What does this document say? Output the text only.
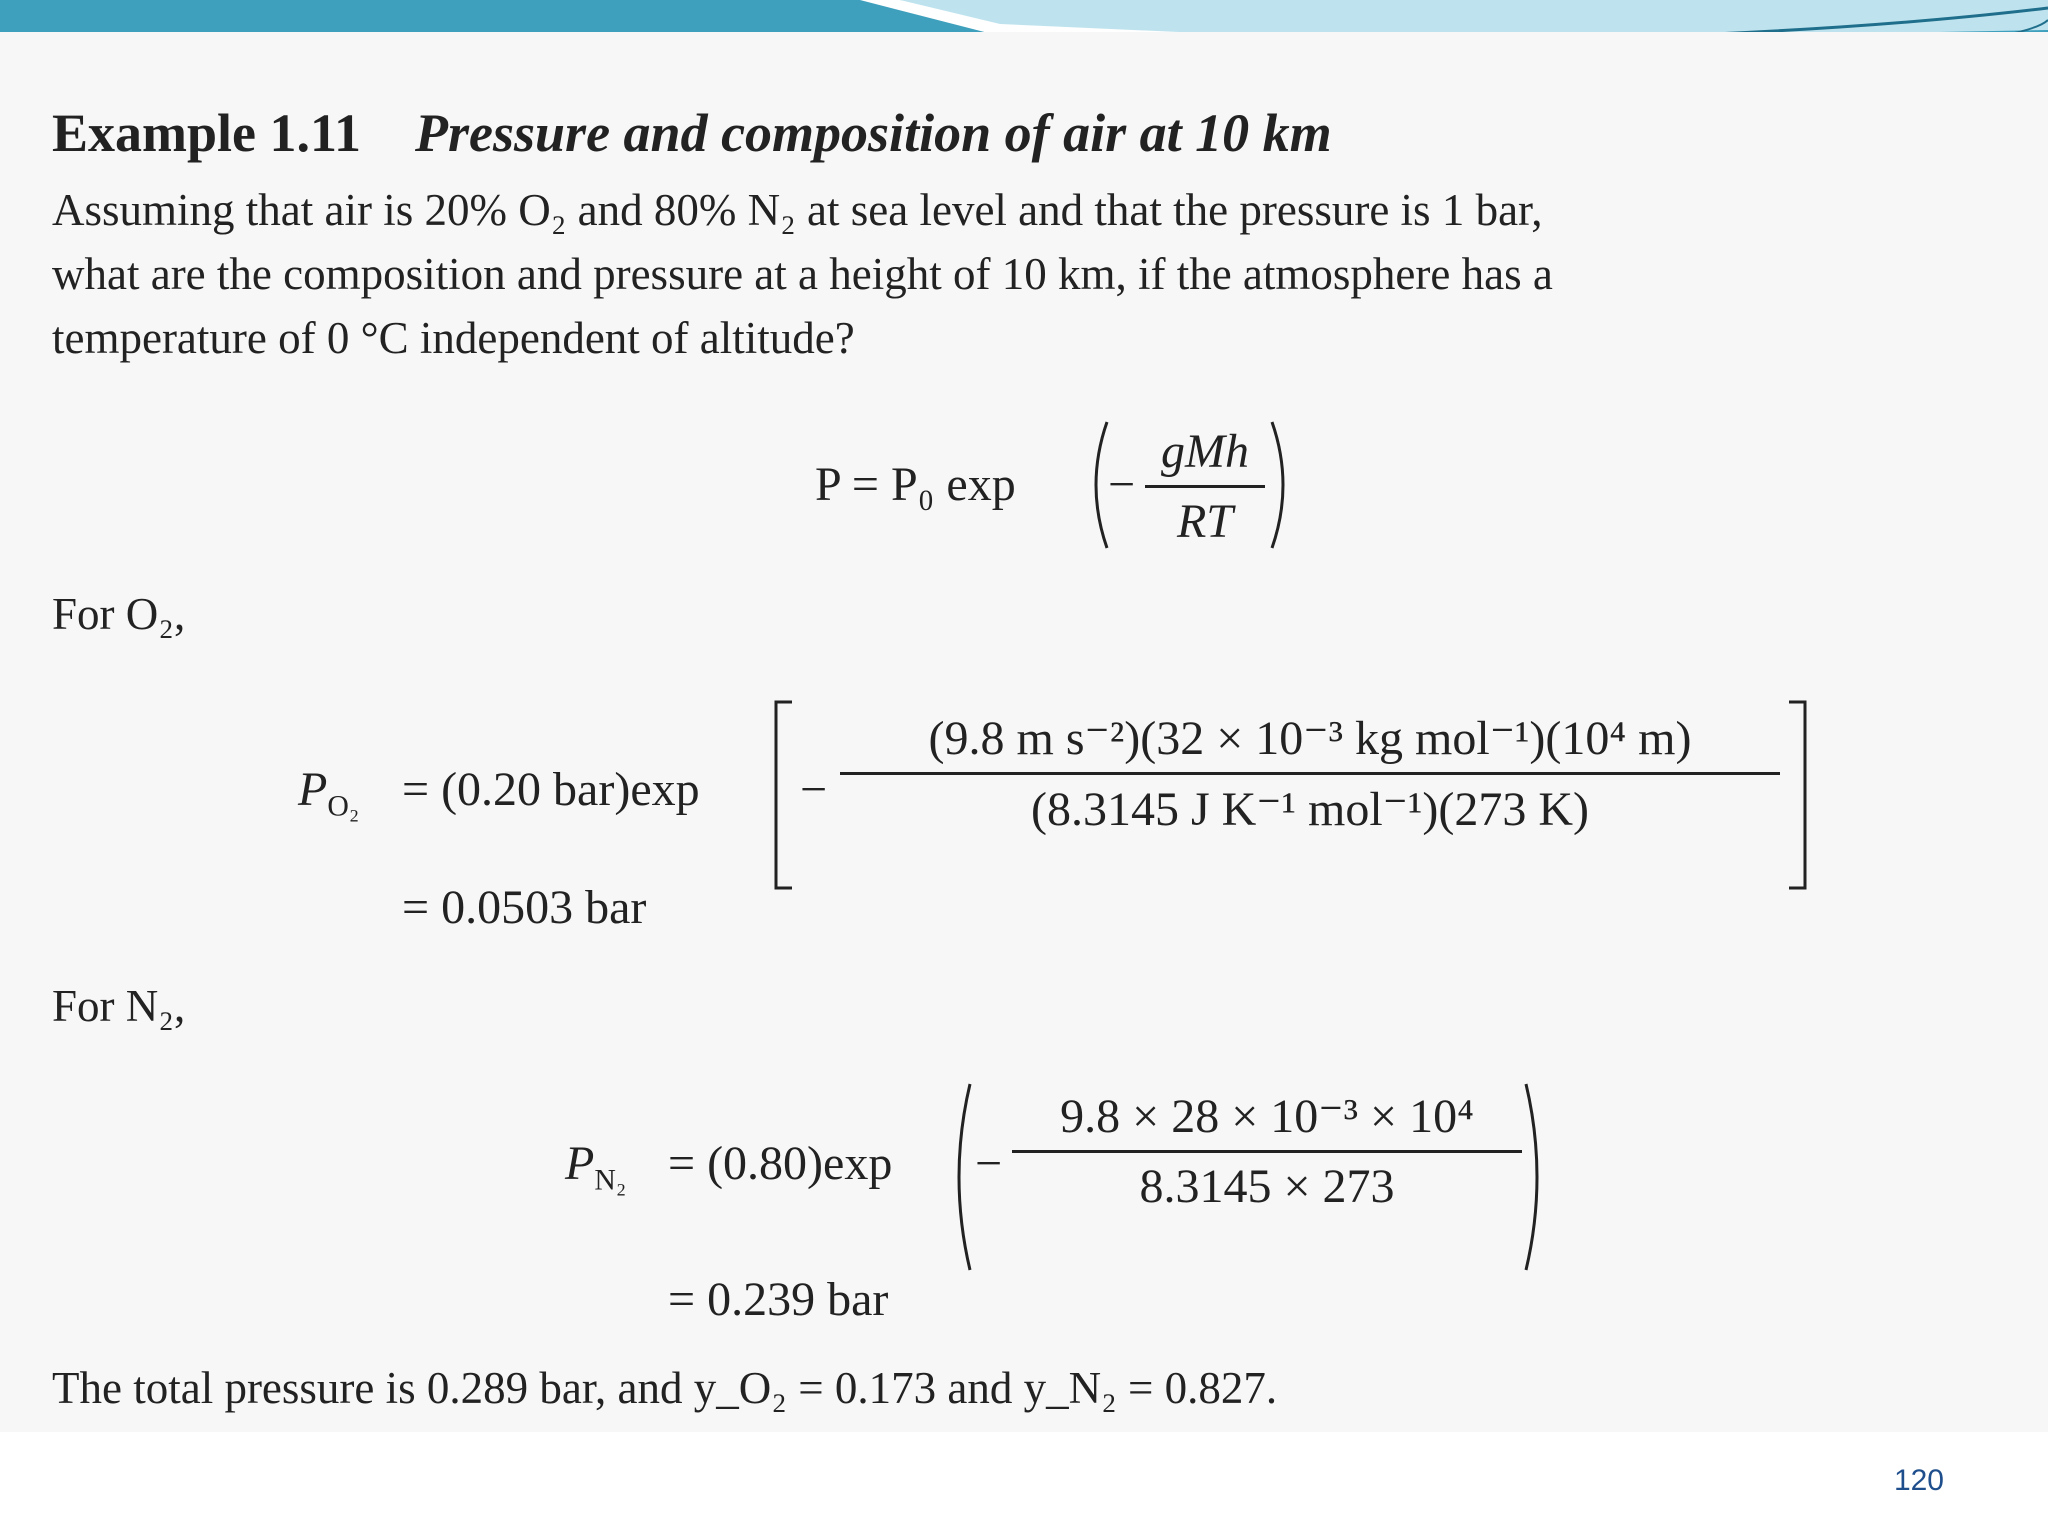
Example 1.11 Pressure and composition of air at 10 km
Assuming that air is 20% O₂ and 80% N₂ at sea level and that the pressure is 1 bar,
what are the composition and pressure at a height of 10 km, if the atmosphere has a
temperature of 0 °C independent of altitude?
P = P₀ exp −
gMh
RT
For O₂,
$P_{O_2} = (0.20$ bar)exp −
(9.8 m s⁻²)(32 × 10⁻³ kg mol⁻¹)(10⁴ m)
(8.3145 J K⁻¹ mol⁻¹)(273 K)
= 0.0503 bar
For N₂,
$P_{N_2} = (0.80)\exp$ −
9.8 × 28 × 10⁻³ × 10⁴
8.3145 × 273
= 0.239 bar
The total pressure is 0.289 bar, and y_O₂ = 0.173 and y_N₂ = 0.827.
120
